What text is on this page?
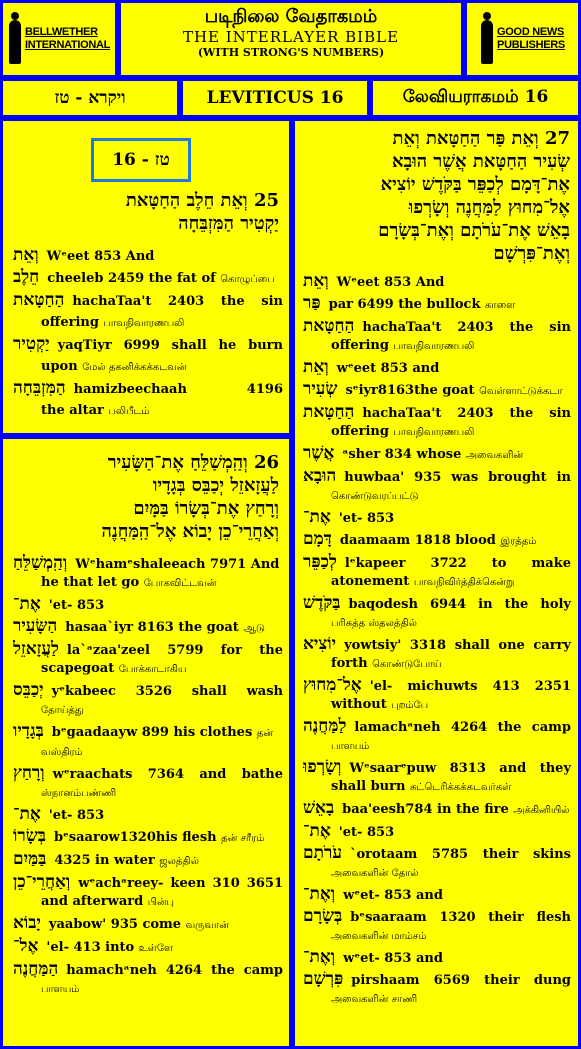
BELLWETHER
INTERNATIONAL
படிநிலை வேதாகமம்
THE INTERLAYER BIBLE
(WITH STRONG'S NUMBERS)
GOOD NEWS
PUBLISHERS
ויקרא - טז	LEVITICUS 16	லேவியராகமம் 16
טז - 16
25 וְאֵת חֵלֶב הַחַטָּאת
יַקְטִיר הַמִּזְבֵּחָה
וְאֵת Wᵉeet 853 And
חֵלֶב cheeleb 2459 the fat of கொழுப்பை
הַחַטָּאת hachaTaa't 2403 the sin
offering பாவநிவாரணபலி
יַקְטִיר yaqTiyr 6999 shall he burn
upon மேல் தகனிக்கக்கடவன்
הַמִּזְבֵּחָה hamizbeechaah 4196
the altar பலிபீடம்
26 וְהַֽמְשַׁלֵּחַ אֶת־הַשָּׂעִיר
לַעֲזָאזֵל יְכַבֵּס בְּגָדָיו
וְרָחַץ אֶת־בְּשָׂרוֹ בַּמָּיִם
וְאַחֲרֵי־כֵן יָבוֹא אֶל־הַֽמַּחֲנֶה
וְהַֽמְשַׁלֵּחַ Wᵉhamᵉshaleeach 7971 And
he that let go போகவிட்டவன்
אֶת־ 'et- 853
הַשָּׂעִיר hasaa`iyr 8163 the goat ஆடு
לַעֲזָאזֵל la`ᵃzaa'zeel 5799 for the
scapegoat போக்காடாகிய
יְכַבֵּס yᵉkabeec 3526 shall wash
தோய்த்து
בְּגָדָיו bᵉgaadaayw 899 his clothes தன்
வஸ்திரம்
וְרָחַץ wᵉraachats 7364 and bathe
ஸ்நானம்பண்ணி
אֶת־ 'et- 853
בְּשָׂרוֹ bᵉsaarow1320his flesh தன் சரீரம்
בַּמַּיִם 4325 in water ஜலத்தில்
וְאַחֲרֵי־כֵן wᵉachᵃreey- keen 310 3651
and afterward பின்பு
יָבוֹא yaabow' 935 come வருவான்
אֶל־ 'el- 413 into உள்ளே
הַמַּחֲנֶה hamachᵃneh 4264 the camp
பாளயம்
27 וְאֵת פַּר הַחַטָּאת וְאֵת
שְׂעִיר הַחַטָּאת אֲשֶׁר הוּבָא
אֶת־דָּמָם לְכַפֵּר בַּקֹּדֶשׁ יוֹצִיא
אֶל־מִחוּץ לַמַּחֲנֶה וְשָׂרְפוּ
בָאֵשׁ אֶת־עֹרֹתָם וְאֶת־בְּשָׂרָם
וְאֶת־פִּרְשָׁם
וְאֵת Wᵉeet 853 And
פַּר par 6499 the bullock காளை
הַחַטָּאת hachaTaa't 2403 the sin
offering பாவநிவாரணபலி
וְאֵת wᵉeet 853 and
שְׂעִיר sᵉiyr8163the goat வெள்ளாட்டுக்கடா
הַחַטָּאת hachaTaa't 2403 the sin
offering பாவநிவாரணபலி
אֲשֶׁר ᵃsher 834 whose அவைகளின்
הוּבָא huwbaa' 935 was brought in
கொண்டுவரப்பட்டு
אֶת־ 'et- 853
דָּמָם daamaam 1818 blood இரத்தம்
לְכַפֵּר lᵉkapeer 3722 to make
atonement பாவநிவிர்த்திக்கென்று
בַּקֹּדֶשׁ baqodesh 6944 in the holy
பரிசுத்த ஸ்தலத்தில்
יוֹצִיא yowtsiy' 3318 shall one carry
forth கொண்டுபோய்
אֶל־מִחוּץ 'el- michuwts 413 2351
without புறம்பே
לַמַּחֲנֶה lamachᵃneh 4264 the camp
பாளயம்
וְשָׂרְפוּ Wᵉsaarᵉpuw 8313 and they
shall burn சுட்டெரிக்கக்கடவர்கள்
בָאֵשׁ baa'eesh784 in the fire அக்கினியில்
אֶת־ 'et- 853
עֹרֹתָם `orotaam 5785 their skins
அவைகளின் தோல்
וְאֶת־ wᵉet- 853 and
בְּשָׂרָם bᵉsaaraam 1320 their flesh
அவைகளின் மாம்சம்
וְאֶת־ wᵉet- 853 and
פִּרְשָׁם pirshaam 6569 their dung
அவைகளின் சாணி
